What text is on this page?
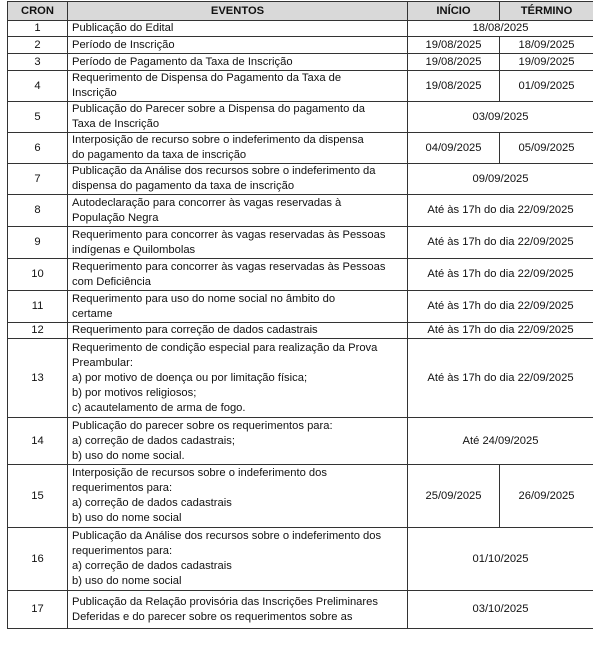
CRON	EVENTOS	INÍCIO	TÉRMINO
1	Publicação do Edital	18/08/2025	
2	Período de Inscrição	19/08/2025	18/09/2025
3	Período de Pagamento da Taxa de Inscrição	19/08/2025	19/09/2025
4	Requerimento de Dispensa do Pagamento da Taxa de
Inscrição	19/08/2025	01/09/2025
5	Publicação do Parecer sobre a Dispensa do pagamento da
Taxa de Inscrição	03/09/2025	
6	Interposição de recurso sobre o indeferimento da dispensa
do pagamento da taxa de inscrição	04/09/2025	05/09/2025
7	Publicação da Análise dos recursos sobre o indeferimento da
dispensa do pagamento da taxa de inscrição	09/09/2025	
8	Autodeclaração para concorrer às vagas reservadas à
População Negra	Até às 17h do dia 22/09/2025	
9	Requerimento para concorrer às vagas reservadas às Pessoas
indígenas e Quilombolas	Até às 17h do dia 22/09/2025	
10	Requerimento para concorrer às vagas reservadas às Pessoas
com Deficiência	Até às 17h do dia 22/09/2025	
11	Requerimento para uso do nome social no âmbito do
certame	Até às 17h do dia 22/09/2025	
12	Requerimento para correção de dados cadastrais	Até às 17h do dia 22/09/2025	
13	Requerimento de condição especial para realização da Prova
Preambular:
a) por motivo de doença ou por limitação física;
b) por motivos religiosos;
c) acautelamento de arma de fogo.	Até às 17h do dia 22/09/2025	
14	Publicação do parecer sobre os requerimentos para:
a) correção de dados cadastrais;
b) uso do nome social.	Até 24/09/2025	
15	Interposição de recursos sobre o indeferimento dos
requerimentos para:
a) correção de dados cadastrais
b) uso do nome social	25/09/2025	26/09/2025
16	Publicação da Análise dos recursos sobre o indeferimento dos
requerimentos para:
a) correção de dados cadastrais
b) uso do nome social	01/10/2025	
17	Publicação da Relação provisória das Inscrições Preliminares
Deferidas e do parecer sobre os requerimentos sobre as	03/10/2025	
